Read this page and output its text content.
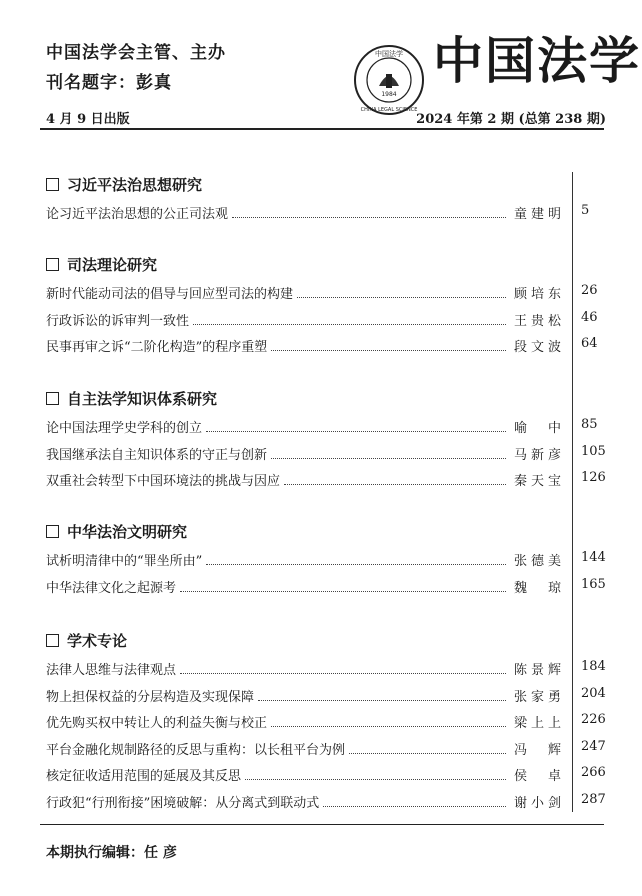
中国法学会主管、主办
刊名题字：彭真
1984
中国法学
CHINA LEGAL SCIENCE
中国法学
4 月 9 日出版	2024 年第 2 期 (总第 238 期)
习近平法治思想研究
论习近平法治思想的公正司法观	童建明 5
司法理论研究
新时代能动司法的倡导与回应型司法的构建	顾培东 26
行政诉讼的诉审判一致性	王贵松 46
民事再审之诉“二阶化构造”的程序重塑	段文波 64
自主法学知识体系研究
论中国法理学史学科的创立	喻 中 85
我国继承法自主知识体系的守正与创新	马新彦 105
双重社会转型下中国环境法的挑战与因应	秦天宝 126
中华法治文明研究
试析明清律中的“罪坐所由”	张德美 144
中华法律文化之起源考	魏 琼 165
学术专论
法律人思维与法律观点	陈景辉 184
物上担保权益的分层构造及实现保障	张家勇 204
优先购买权中转让人的利益失衡与校正	梁上上 226
平台金融化规制路径的反思与重构：以长租平台为例	冯 辉 247
核定征收适用范围的延展及其反思	侯 卓 266
行政犯“行刑衔接”困境破解：从分离式到联动式	谢小剑 287
本期执行编辑：任 彦
